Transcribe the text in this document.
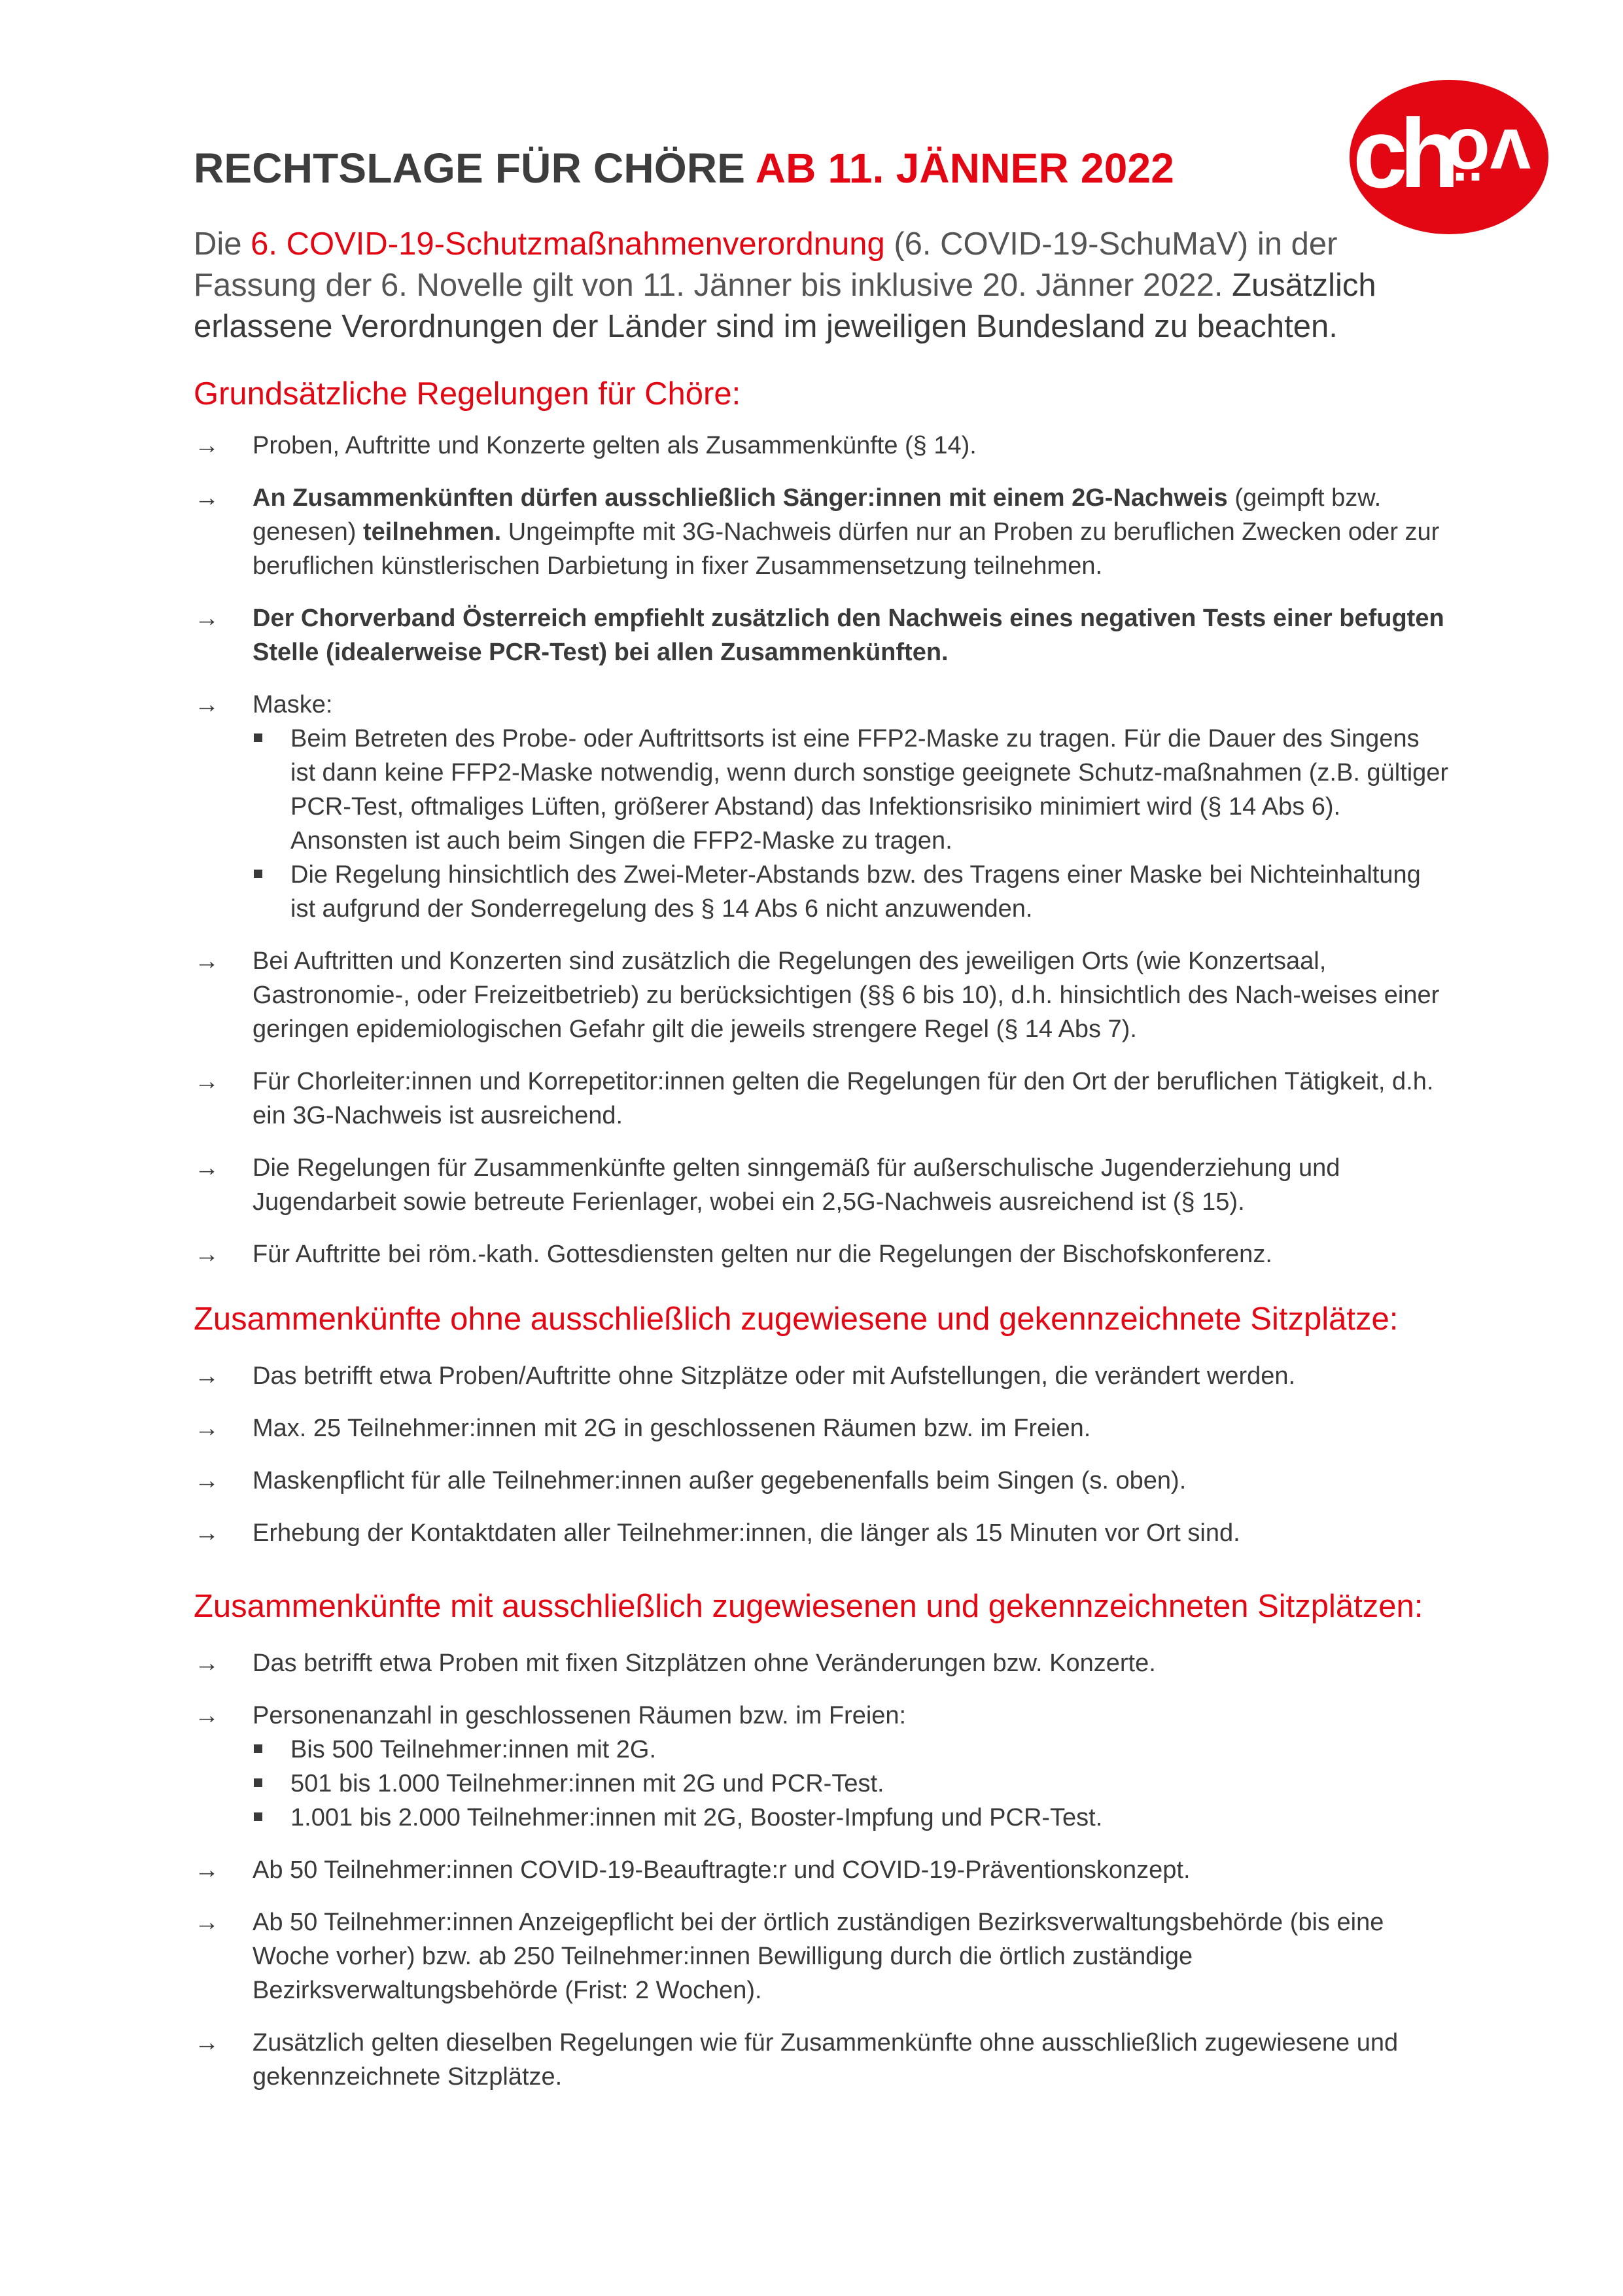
ch
vö
RECHTSLAGE FÜR CHÖRE AB 11. JÄNNER 2022

Die 6. COVID-19-Schutzmaßnahmenverordnung (6. COVID-19-SchuMaV) in der Fassung der 6. Novelle gilt von 11. Jänner bis inklusive 20. Jänner 2022. Zusätzlich erlassene Verordnungen der Länder sind im jeweiligen Bundesland zu beachten.

Grundsätzliche Regelungen für Chöre:
→ Proben, Auftritte und Konzerte gelten als Zusammenkünfte (§ 14).
→ An Zusammenkünften dürfen ausschließlich Sänger:innen mit einem 2G-Nachweis (geimpft bzw. genesen) teilnehmen. Ungeimpfte mit 3G-Nachweis dürfen nur an Proben zu beruflichen Zwecken oder zur beruflichen künstlerischen Darbietung in fixer Zusammensetzung teilnehmen.
→ Der Chorverband Österreich empfiehlt zusätzlich den Nachweis eines negativen Tests einer befugten Stelle (idealerweise PCR-Test) bei allen Zusammenkünften.
→ Maske:
Beim Betreten des Probe- oder Auftrittsorts ist eine FFP2-Maske zu tragen. Für die Dauer des Singens ist dann keine FFP2-Maske notwendig, wenn durch sonstige geeignete Schutz-maßnahmen (z.B. gültiger PCR-Test, oftmaliges Lüften, größerer Abstand) das Infektionsrisiko minimiert wird (§ 14 Abs 6). Ansonsten ist auch beim Singen die FFP2-Maske zu tragen.
Die Regelung hinsichtlich des Zwei-Meter-Abstands bzw. des Tragens einer Maske bei Nichteinhaltung ist aufgrund der Sonderregelung des § 14 Abs 6 nicht anzuwenden.
→ Bei Auftritten und Konzerten sind zusätzlich die Regelungen des jeweiligen Orts (wie Konzertsaal, Gastronomie-, oder Freizeitbetrieb) zu berücksichtigen (§§ 6 bis 10), d.h. hinsichtlich des Nach-weises einer geringen epidemiologischen Gefahr gilt die jeweils strengere Regel (§ 14 Abs 7).
→ Für Chorleiter:innen und Korrepetitor:innen gelten die Regelungen für den Ort der beruflichen Tätigkeit, d.h. ein 3G-Nachweis ist ausreichend.
→ Die Regelungen für Zusammenkünfte gelten sinngemäß für außerschulische Jugenderziehung und Jugendarbeit sowie betreute Ferienlager, wobei ein 2,5G-Nachweis ausreichend ist (§ 15).
→ Für Auftritte bei röm.-kath. Gottesdiensten gelten nur die Regelungen der Bischofskonferenz.
Zusammenkünfte ohne ausschließlich zugewiesene und gekennzeichnete Sitzplätze:
→ Das betrifft etwa Proben/Auftritte ohne Sitzplätze oder mit Aufstellungen, die verändert werden.
→ Max. 25 Teilnehmer:innen mit 2G in geschlossenen Räumen bzw. im Freien.
→ Maskenpflicht für alle Teilnehmer:innen außer gegebenenfalls beim Singen (s. oben).
→ Erhebung der Kontaktdaten aller Teilnehmer:innen, die länger als 15 Minuten vor Ort sind.
Zusammenkünfte mit ausschließlich zugewiesenen und gekennzeichneten Sitzplätzen:
→ Das betrifft etwa Proben mit fixen Sitzplätzen ohne Veränderungen bzw. Konzerte.
→ Personenanzahl in geschlossenen Räumen bzw. im Freien:
Bis 500 Teilnehmer:innen mit 2G.
501 bis 1.000 Teilnehmer:innen mit 2G und PCR-Test.
1.001 bis 2.000 Teilnehmer:innen mit 2G, Booster-Impfung und PCR-Test.
→ Ab 50 Teilnehmer:innen COVID-19-Beauftragte:r und COVID-19-Präventionskonzept.
→ Ab 50 Teilnehmer:innen Anzeigepflicht bei der örtlich zuständigen Bezirksverwaltungsbehörde (bis eine Woche vorher) bzw. ab 250 Teilnehmer:innen Bewilligung durch die örtlich zuständige Bezirksverwaltungsbehörde (Frist: 2 Wochen).
→ Zusätzlich gelten dieselben Regelungen wie für Zusammenkünfte ohne ausschließlich zugewiesene und gekennzeichnete Sitzplätze.
